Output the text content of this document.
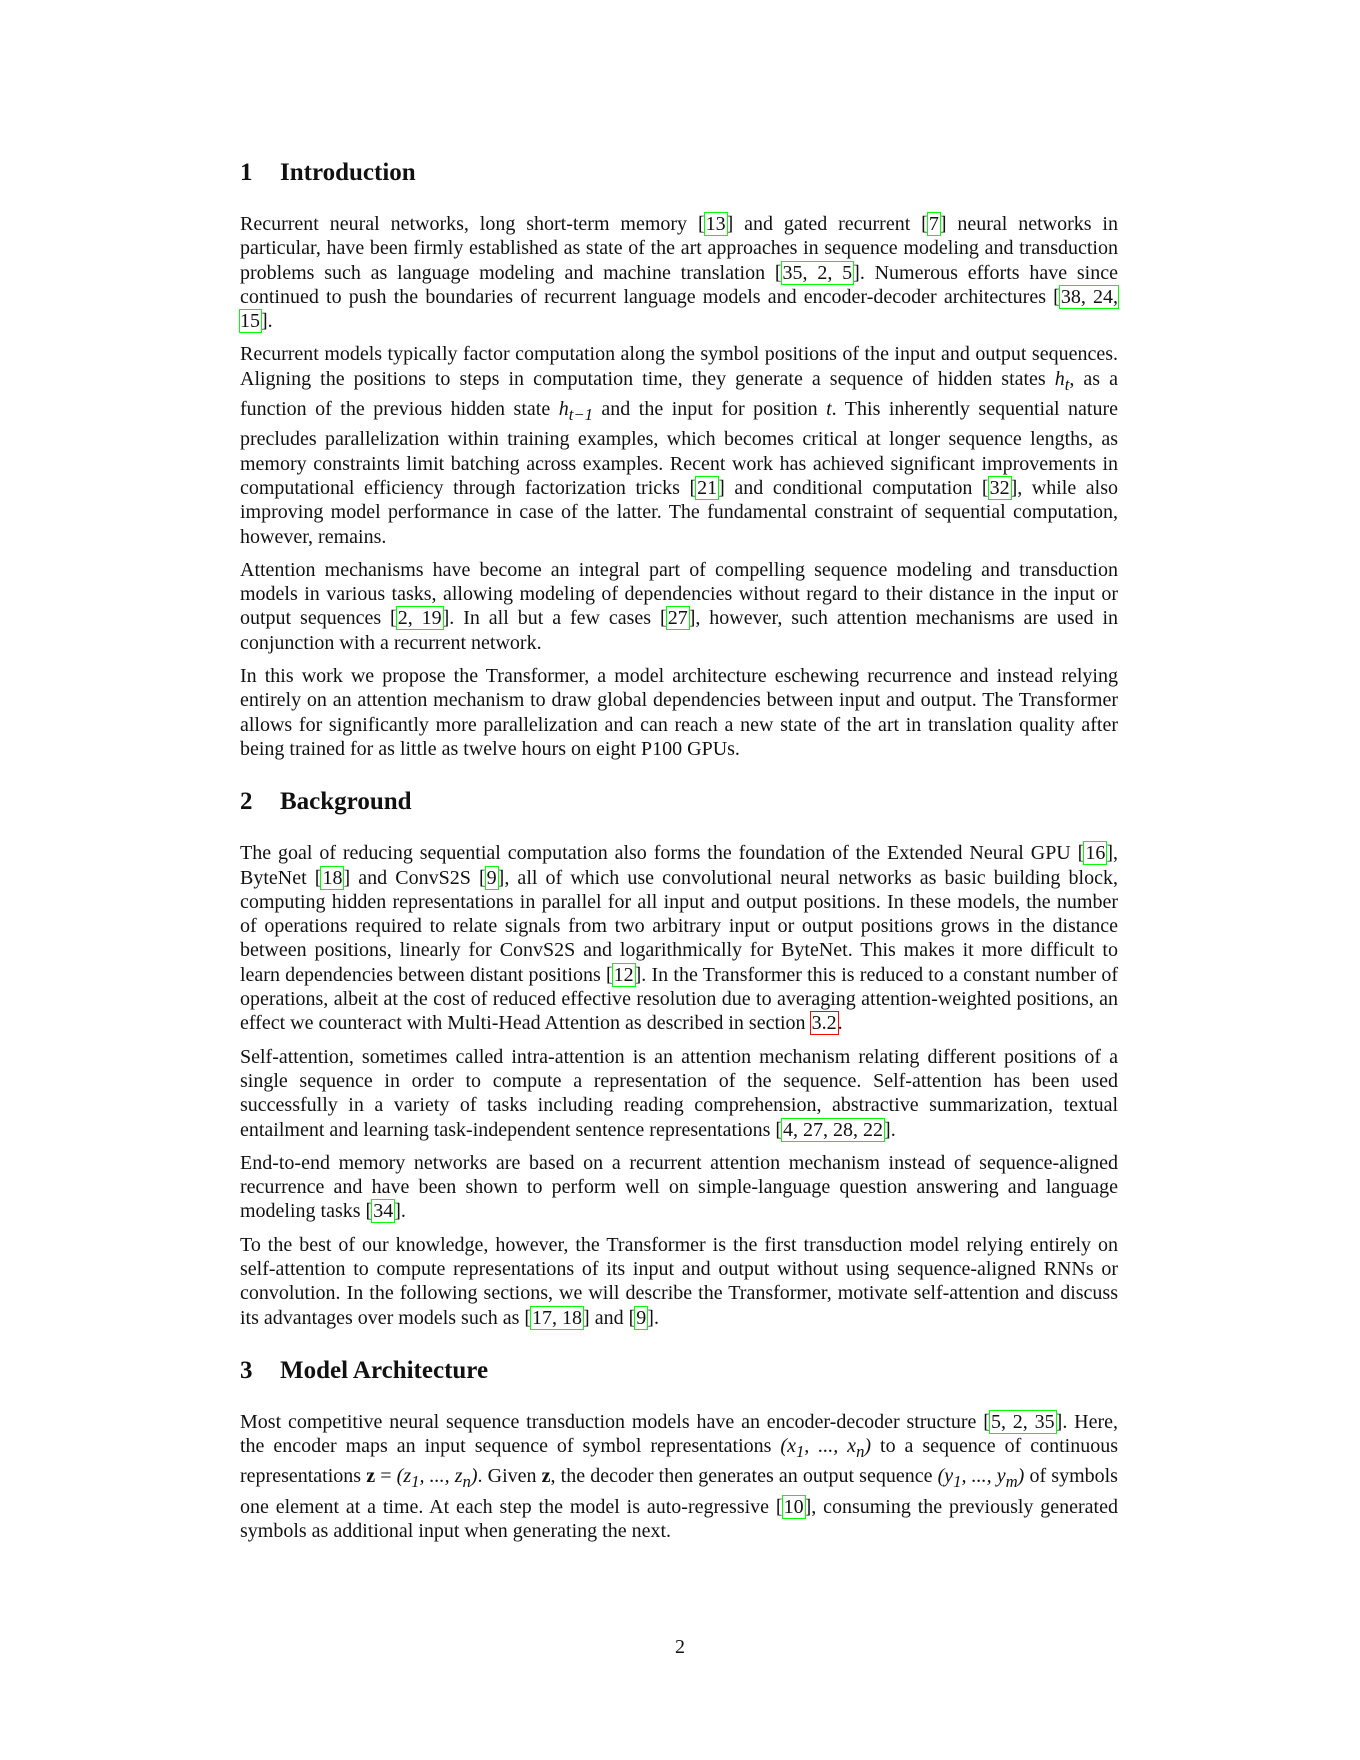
1 Introduction

Recurrent neural networks, long short-term memory [13] and gated recurrent [7] neural networks in particular, have been firmly established as state of the art approaches in sequence modeling and transduction problems such as language modeling and machine translation [35, 2, 5]. Numerous efforts have since continued to push the boundaries of recurrent language models and encoder-decoder architectures [38, 24, 15].

Recurrent models typically factor computation along the symbol positions of the input and output sequences. Aligning the positions to steps in computation time, they generate a sequence of hidden states $h_t$, as a function of the previous hidden state $h_{t-1}$ and the input for position t. This inherently sequential nature precludes parallelization within training examples, which becomes critical at longer sequence lengths, as memory constraints limit batching across examples. Recent work has achieved significant improvements in computational efficiency through factorization tricks [21] and conditional computation [32], while also improving model performance in case of the latter. The fundamental constraint of sequential computation, however, remains.

Attention mechanisms have become an integral part of compelling sequence modeling and transduction models in various tasks, allowing modeling of dependencies without regard to their distance in the input or output sequences [2, 19]. In all but a few cases [27], however, such attention mechanisms are used in conjunction with a recurrent network.

In this work we propose the Transformer, a model architecture eschewing recurrence and instead relying entirely on an attention mechanism to draw global dependencies between input and output. The Transformer allows for significantly more parallelization and can reach a new state of the art in translation quality after being trained for as little as twelve hours on eight P100 GPUs.

2 Background

The goal of reducing sequential computation also forms the foundation of the Extended Neural GPU [16], ByteNet [18] and ConvS2S [9], all of which use convolutional neural networks as basic building block, computing hidden representations in parallel for all input and output positions. In these models, the number of operations required to relate signals from two arbitrary input or output positions grows in the distance between positions, linearly for ConvS2S and logarithmically for ByteNet. This makes it more difficult to learn dependencies between distant positions [12]. In the Transformer this is reduced to a constant number of operations, albeit at the cost of reduced effective resolution due to averaging attention-weighted positions, an effect we counteract with Multi-Head Attention as described in section 3.2.

Self-attention, sometimes called intra-attention is an attention mechanism relating different positions of a single sequence in order to compute a representation of the sequence. Self-attention has been used successfully in a variety of tasks including reading comprehension, abstractive summarization, textual entailment and learning task-independent sentence representations [4, 27, 28, 22].

End-to-end memory networks are based on a recurrent attention mechanism instead of sequence-aligned recurrence and have been shown to perform well on simple-language question answering and language modeling tasks [34].

To the best of our knowledge, however, the Transformer is the first transduction model relying entirely on self-attention to compute representations of its input and output without using sequence-aligned RNNs or convolution. In the following sections, we will describe the Transformer, motivate self-attention and discuss its advantages over models such as [17, 18] and [9].

3 Model Architecture

Most competitive neural sequence transduction models have an encoder-decoder structure [5, 2, 35]. Here, the encoder maps an input sequence of symbol representations ($x_1$, ..., $x_n$) to a sequence of continuous representations $z = (z_1$, ..., $z_n$). Given z, the decoder then generates an output sequence ($y_1$, ..., $y_m$) of symbols one element at a time. At each step the model is auto-regressive [10], consuming the previously generated symbols as additional input when generating the next.

2
